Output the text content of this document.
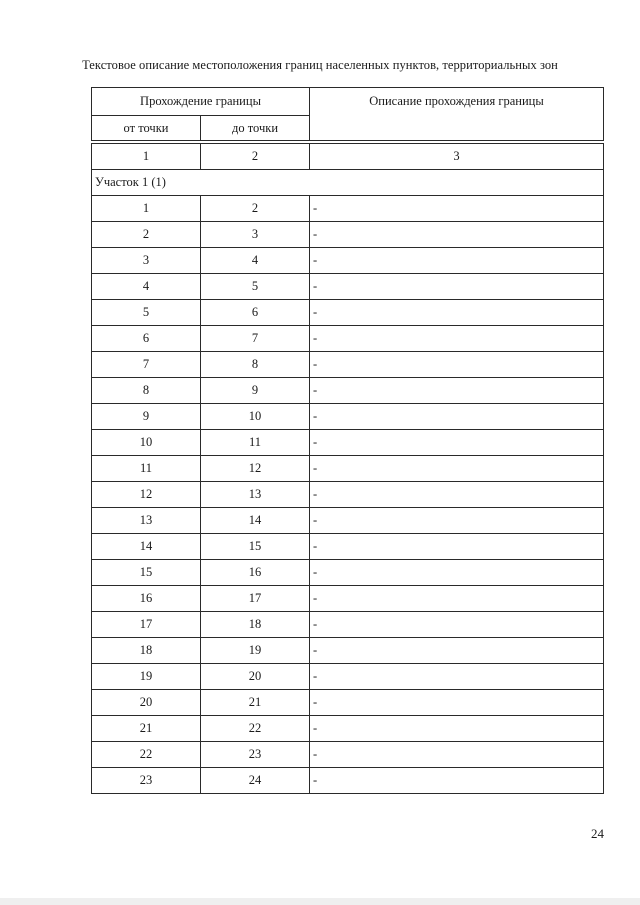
Текстовое описание местоположения границ населенных пунктов, территориальных зон
Прохождение границы		Описание прохождения границы
от точки	до точки	
1	2	3
Участок 1 (1)		
1	2	-
2	3	-
3	4	-
4	5	-
5	6	-
6	7	-
7	8	-
8	9	-
9	10	-
10	11	-
11	12	-
12	13	-
13	14	-
14	15	-
15	16	-
16	17	-
17	18	-
18	19	-
19	20	-
20	21	-
21	22	-
22	23	-
23	24	-
24
